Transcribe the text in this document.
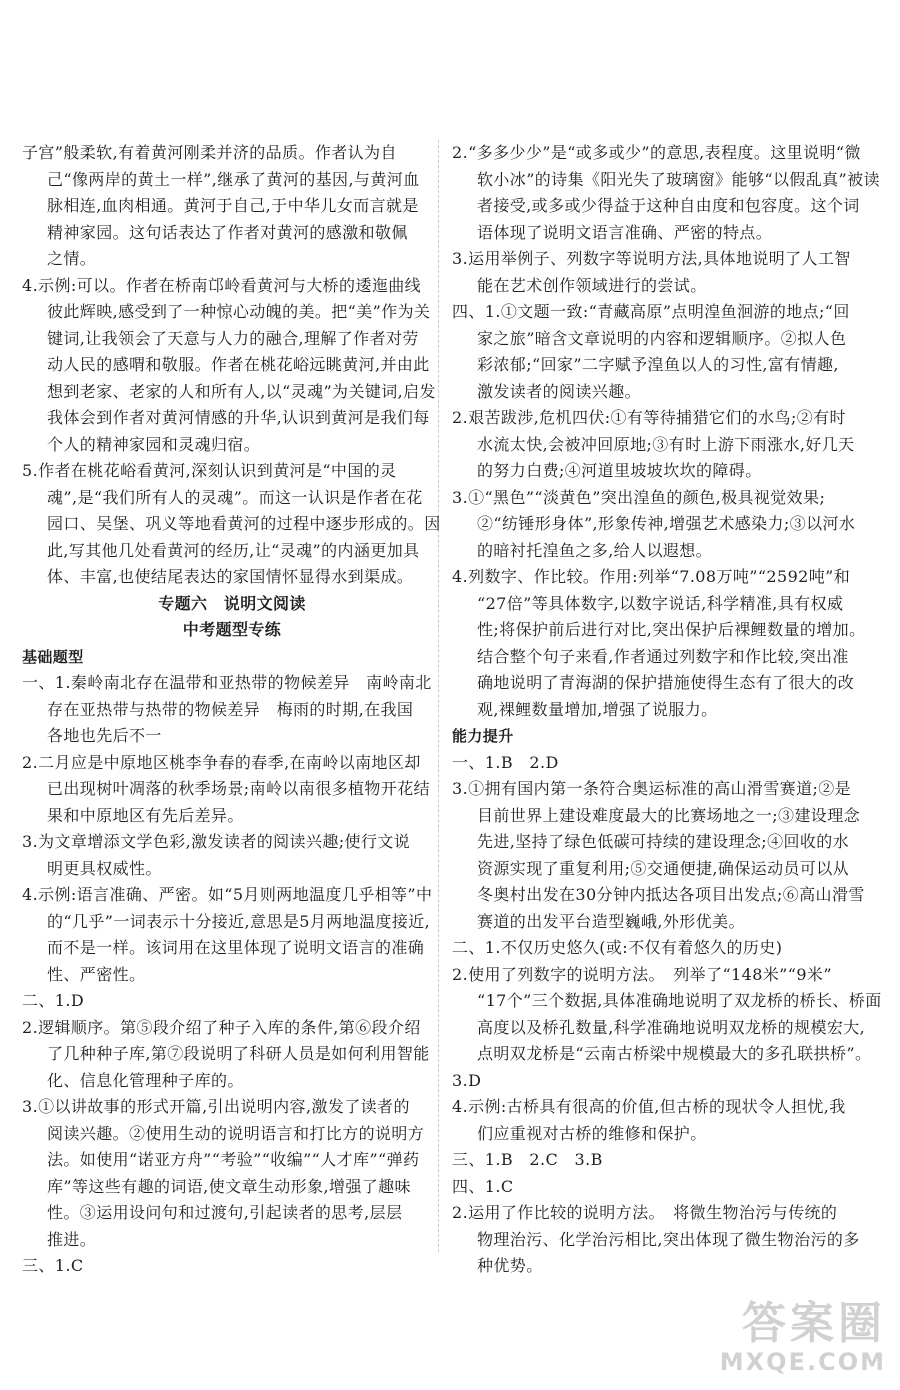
子宫”般柔软,有着黄河刚柔并济的品质。作者认为自
己“像两岸的黄土一样”,继承了黄河的基因,与黄河血
脉相连,血肉相通。黄河于自己,于中华儿女而言就是
精神家园。这句话表达了作者对黄河的感激和敬佩
之情。
4.示例:可以。作者在桥南邙岭看黄河与大桥的逶迤曲线
彼此辉映,感受到了一种惊心动魄的美。把“美”作为关
键词,让我领会了天意与人力的融合,理解了作者对劳
动人民的感喟和敬服。作者在桃花峪远眺黄河,并由此
想到老家、老家的人和所有人,以“灵魂”为关键词,启发
我体会到作者对黄河情感的升华,认识到黄河是我们每
个人的精神家园和灵魂归宿。
5.作者在桃花峪看黄河,深刻认识到黄河是“中国的灵
魂”,是“我们所有人的灵魂”。而这一认识是作者在花
园口、吴堡、巩义等地看黄河的过程中逐步形成的。因
此,写其他几处看黄河的经历,让“灵魂”的内涵更加具
体、丰富,也使结尾表达的家国情怀显得水到渠成。
专题六　说明文阅读
中考题型专练
基础题型
一、1.秦岭南北存在温带和亚热带的物候差异　南岭南北
存在亚热带与热带的物候差异　梅雨的时期,在我国
各地也先后不一
2.二月应是中原地区桃李争春的春季,在南岭以南地区却
已出现树叶凋落的秋季场景;南岭以南很多植物开花结
果和中原地区有先后差异。
3.为文章增添文学色彩,激发读者的阅读兴趣;使行文说
明更具权威性。
4.示例:语言准确、严密。如“5月则两地温度几乎相等”中
的“几乎”一词表示十分接近,意思是5月两地温度接近,
而不是一样。该词用在这里体现了说明文语言的准确
性、严密性。
二、1.D
2.逻辑顺序。第⑤段介绍了种子入库的条件,第⑥段介绍
了几种种子库,第⑦段说明了科研人员是如何利用智能
化、信息化管理种子库的。
3.①以讲故事的形式开篇,引出说明内容,激发了读者的
阅读兴趣。②使用生动的说明语言和打比方的说明方
法。如使用“诺亚方舟”“考验”“收编”“人才库”“弹药
库”等这些有趣的词语,使文章生动形象,增强了趣味
性。③运用设问句和过渡句,引起读者的思考,层层
推进。
三、1.C
2.“多多少少”是“或多或少”的意思,表程度。这里说明“微
软小冰”的诗集《阳光失了玻璃窗》能够“以假乱真”被读
者接受,或多或少得益于这种自由度和包容度。这个词
语体现了说明文语言准确、严密的特点。
3.运用举例子、列数字等说明方法,具体地说明了人工智
能在艺术创作领域进行的尝试。
四、1.①文题一致:“青藏高原”点明湟鱼洄游的地点;“回
家之旅”暗含文章说明的内容和逻辑顺序。②拟人色
彩浓郁;“回家”二字赋予湟鱼以人的习性,富有情趣,
激发读者的阅读兴趣。
2.艰苦跋涉,危机四伏:①有等待捕猎它们的水鸟;②有时
水流太快,会被冲回原地;③有时上游下雨涨水,好几天
的努力白费;④河道里坡坡坎坎的障碍。
3.①“黑色”“淡黄色”突出湟鱼的颜色,极具视觉效果;
②“纺锤形身体”,形象传神,增强艺术感染力;③以河水
的暗衬托湟鱼之多,给人以遐想。
4.列数字、作比较。作用:列举“7.08万吨”“2592吨”和
“27倍”等具体数字,以数字说话,科学精准,具有权威
性;将保护前后进行对比,突出保护后裸鲤数量的增加。
结合整个句子来看,作者通过列数字和作比较,突出准
确地说明了青海湖的保护措施使得生态有了很大的改
观,裸鲤数量增加,增强了说服力。
能力提升
一、1.B　2.D
3.①拥有国内第一条符合奥运标准的高山滑雪赛道;②是
目前世界上建设难度最大的比赛场地之一;③建设理念
先进,坚持了绿色低碳可持续的建设理念;④回收的水
资源实现了重复利用;⑤交通便捷,确保运动员可以从
冬奥村出发在30分钟内抵达各项目出发点;⑥高山滑雪
赛道的出发平台造型巍峨,外形优美。
二、1.不仅历史悠久(或:不仅有着悠久的历史)
2.使用了列数字的说明方法。　列举了“148米”“9米”
“17个”三个数据,具体准确地说明了双龙桥的桥长、桥面
高度以及桥孔数量,科学准确地说明双龙桥的规模宏大,
点明双龙桥是“云南古桥梁中规模最大的多孔联拱桥”。
3.D
4.示例:古桥具有很高的价值,但古桥的现状令人担忧,我
们应重视对古桥的维修和保护。
三、1.B　2.C　3.B
四、1.C
2.运用了作比较的说明方法。　将微生物治污与传统的
物理治污、化学治污相比,突出体现了微生物治污的多
种优势。
答案圈
MXQE.COM
